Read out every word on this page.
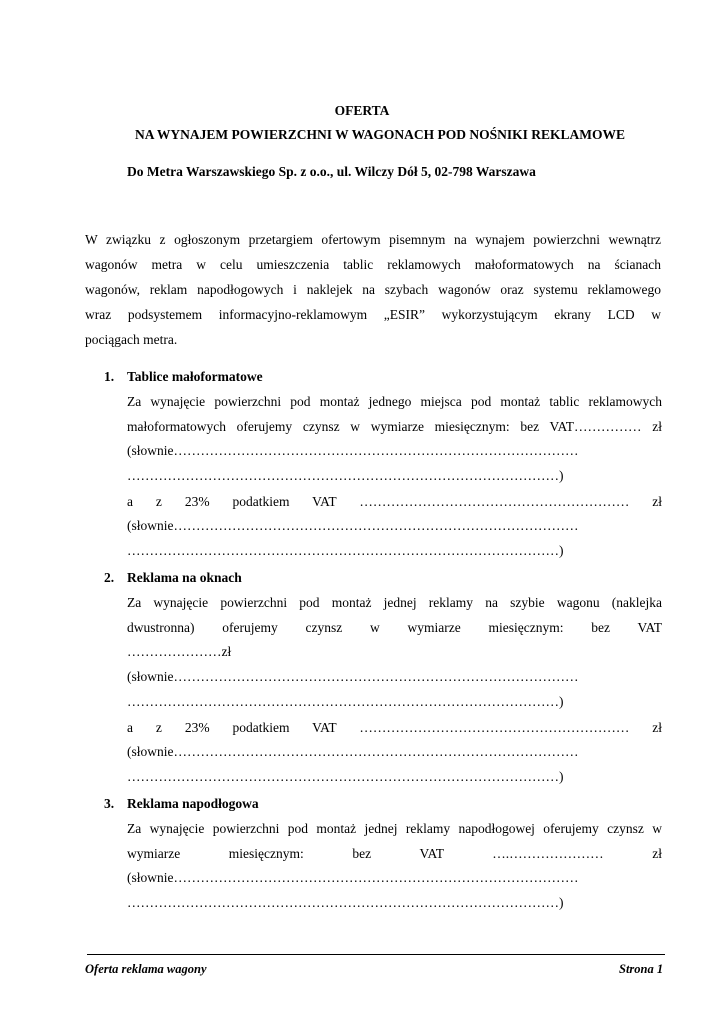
OFERTA
NA WYNAJEM POWIERZCHNI W WAGONACH POD NOŚNIKI REKLAMOWE
Do Metra Warszawskiego Sp. z o.o., ul. Wilczy Dół 5, 02-798 Warszawa
W związku z ogłoszonym przetargiem ofertowym pisemnym na wynajem powierzchni wewnątrz
wagonów metra w celu umieszczenia tablic reklamowych małoformatowych na ścianach
wagonów, reklam napodłogowych i naklejek na szybach wagonów oraz systemu reklamowego
wraz podsystemem informacyjno-reklamowym „ESIR” wykorzystującym ekrany LCD w
pociągach metra.
1. Tablice małoformatowe
Za wynajęcie powierzchni pod montaż jednego miejsca pod montaż tablic reklamowych
małoformatowych oferujemy czynsz w wymiarze miesięcznym: bez VAT…………… zł
(słownie………………………………………………………………………………
……………………………………………………………………………………)
a z 23% podatkiem VAT …………………………………………………… zł
(słownie………………………………………………………………………………
……………………………………………………………………………………)
2. Reklama na oknach
Za wynajęcie powierzchni pod montaż jednej reklamy na szybie wagonu (naklejka
dwustronna) oferujemy czynsz w wymiarze miesięcznym: bez VAT
…………………zł
(słownie………………………………………………………………………………
……………………………………………………………………………………)
a z 23% podatkiem VAT …………………………………………………… zł
(słownie………………………………………………………………………………
……………………………………………………………………………………)
3. Reklama napodłogowa
Za wynajęcie powierzchni pod montaż jednej reklamy napodłogowej oferujemy czynsz w
wymiarze miesięcznym: bez VAT ….………………… zł
(słownie………………………………………………………………………………
……………………………………………………………………………………)
Oferta reklama wagony	Strona 1
